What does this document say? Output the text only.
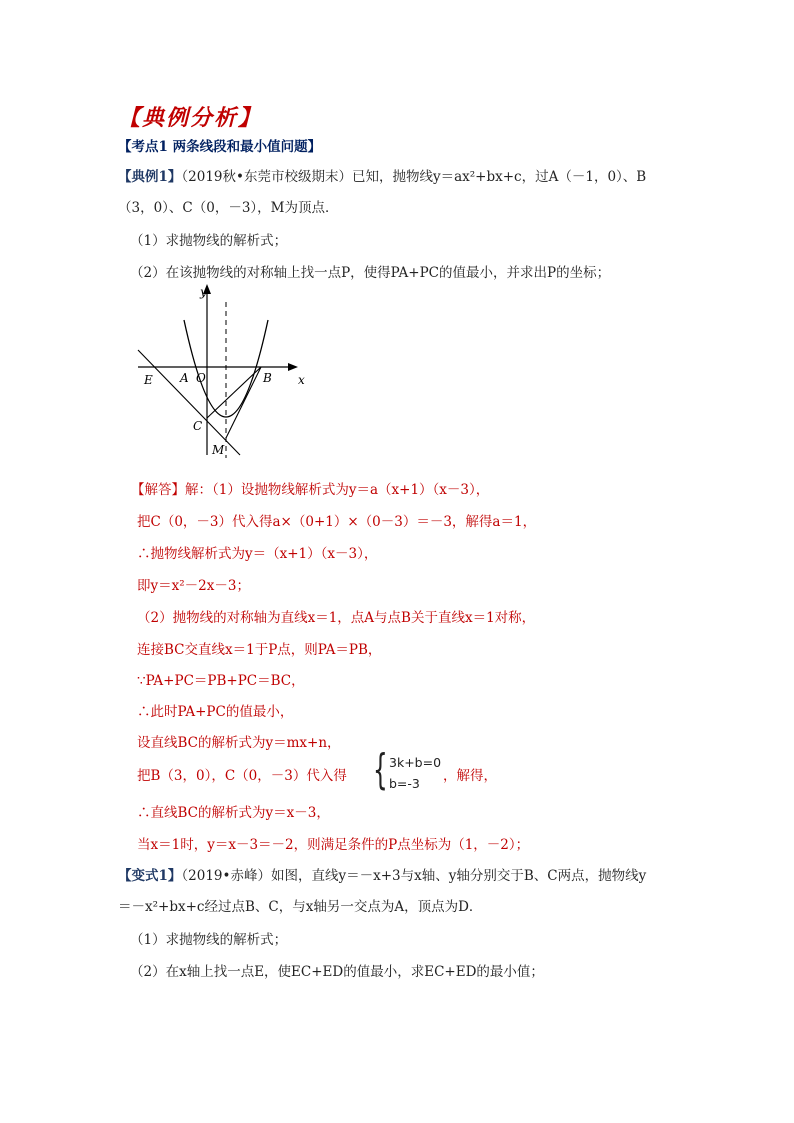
【典例分析】
【考点1 两条线段和最小值问题】
【典例1】（2019秋•东莞市校级期末）已知，抛物线y＝ax²+bx+c，过A（－1，0）、B
（3，0）、C（0，－3），M为顶点．
（1）求抛物线的解析式；
（2）在该抛物线的对称轴上找一点P，使得PA+PC的值最小，并求出P的坐标；
y
x
E A O	B
C
M
【解答】解：（1）设抛物线解析式为y＝a（x+1）（x－3），
把C（0，－3）代入得a×（0+1）×（0－3）＝－3，解得a＝1，
∴抛物线解析式为y＝（x+1）（x－3），
即y＝x²－2x－3；
（2）抛物线的对称轴为直线x＝1，点A与点B关于直线x＝1对称，
连接BC交直线x＝1于P点，则PA＝PB，
∵PA+PC＝PB+PC＝BC，
∴此时PA+PC的值最小，
设直线BC的解析式为y＝mx+n，
把B（3，0），C（0，－3）代入得 { 3k+b=0
b=-3 ，解得，
∴直线BC的解析式为y＝x－3，
当x＝1时，y＝x－3＝－2，则满足条件的P点坐标为（1，－2）；
【变式1】（2019•赤峰）如图，直线y＝－x+3与x轴、y轴分别交于B、C两点，抛物线y
＝－x²+bx+c经过点B、C，与x轴另一交点为A，顶点为D．
（1）求抛物线的解析式；
（2）在x轴上找一点E，使EC+ED的值最小，求EC+ED的最小值；
